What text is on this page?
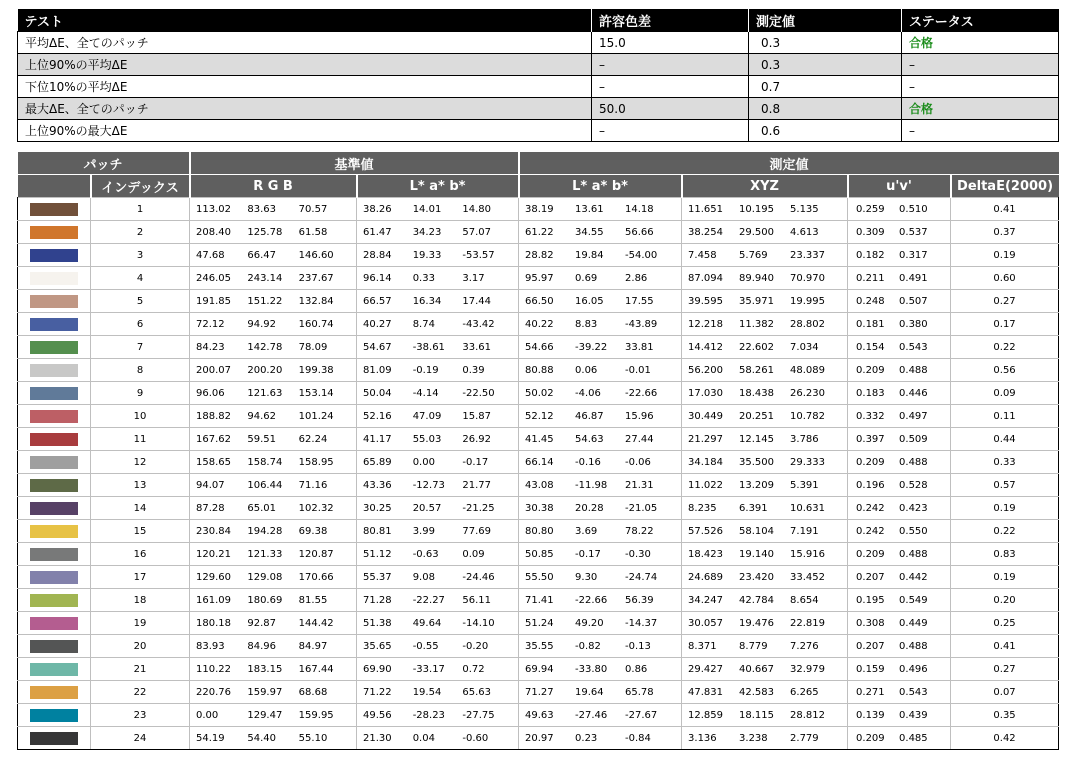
テスト	許容色差	測定値	ステータス
平均ΔE、全てのパッチ	15.0	0.3	合格
上位90%の平均ΔE	–	0.3	–
下位10%の平均ΔE	–	0.7	–
最大ΔE、全てのパッチ	50.0	0.8	合格
上位90%の最大ΔE	–	0.6	–
パッチ		基準値		測定値			
	インデックス	R G B	L* a* b*	L* a* b*	XYZ	u'v'	DeltaE(2000)
	1	113.02 83.63 70.57	38.26 14.01 14.80	38.19 13.61 14.18	11.651 10.195 5.135	0.259 0.510	0.41
	2	208.40 125.78 61.58	61.47 34.23 57.07	61.22 34.55 56.66	38.254 29.500 4.613	0.309 0.537	0.37
	3	47.68 66.47 146.60	28.84 19.33 -53.57	28.82 19.84 -54.00	7.458 5.769 23.337	0.182 0.317	0.19
	4	246.05 243.14 237.67	96.14 0.33 3.17	95.97 0.69 2.86	87.094 89.940 70.970	0.211 0.491	0.60
	5	191.85 151.22 132.84	66.57 16.34 17.44	66.50 16.05 17.55	39.595 35.971 19.995	0.248 0.507	0.27
	6	72.12 94.92 160.74	40.27 8.74 -43.42	40.22 8.83 -43.89	12.218 11.382 28.802	0.181 0.380	0.17
	7	84.23 142.78 78.09	54.67 -38.61 33.61	54.66 -39.22 33.81	14.412 22.602 7.034	0.154 0.543	0.22
	8	200.07 200.20 199.38	81.09 -0.19 0.39	80.88 0.06 -0.01	56.200 58.261 48.089	0.209 0.488	0.56
	9	96.06 121.63 153.14	50.04 -4.14 -22.50	50.02 -4.06 -22.66	17.030 18.438 26.230	0.183 0.446	0.09
	10	188.82 94.62 101.24	52.16 47.09 15.87	52.12 46.87 15.96	30.449 20.251 10.782	0.332 0.497	0.11
	11	167.62 59.51 62.24	41.17 55.03 26.92	41.45 54.63 27.44	21.297 12.145 3.786	0.397 0.509	0.44
	12	158.65 158.74 158.95	65.89 0.00 -0.17	66.14 -0.16 -0.06	34.184 35.500 29.333	0.209 0.488	0.33
	13	94.07 106.44 71.16	43.36 -12.73 21.77	43.08 -11.98 21.31	11.022 13.209 5.391	0.196 0.528	0.57
	14	87.28 65.01 102.32	30.25 20.57 -21.25	30.38 20.28 -21.05	8.235 6.391 10.631	0.242 0.423	0.19
	15	230.84 194.28 69.38	80.81 3.99 77.69	80.80 3.69 78.22	57.526 58.104 7.191	0.242 0.550	0.22
	16	120.21 121.33 120.87	51.12 -0.63 0.09	50.85 -0.17 -0.30	18.423 19.140 15.916	0.209 0.488	0.83
	17	129.60 129.08 170.66	55.37 9.08 -24.46	55.50 9.30 -24.74	24.689 23.420 33.452	0.207 0.442	0.19
	18	161.09 180.69 81.55	71.28 -22.27 56.11	71.41 -22.66 56.39	34.247 42.784 8.654	0.195 0.549	0.20
	19	180.18 92.87 144.42	51.38 49.64 -14.10	51.24 49.20 -14.37	30.057 19.476 22.819	0.308 0.449	0.25
	20	83.93 84.96 84.97	35.65 -0.55 -0.20	35.55 -0.82 -0.13	8.371 8.779 7.276	0.207 0.488	0.41
	21	110.22 183.15 167.44	69.90 -33.17 0.72	69.94 -33.80 0.86	29.427 40.667 32.979	0.159 0.496	0.27
	22	220.76 159.97 68.68	71.22 19.54 65.63	71.27 19.64 65.78	47.831 42.583 6.265	0.271 0.543	0.07
	23	0.00 129.47 159.95	49.56 -28.23 -27.75	49.63 -27.46 -27.67	12.859 18.115 28.812	0.139 0.439	0.35
	24	54.19 54.40 55.10	21.30 0.04 -0.60	20.97 0.23 -0.84	3.136 3.238 2.779	0.209 0.485	0.42
